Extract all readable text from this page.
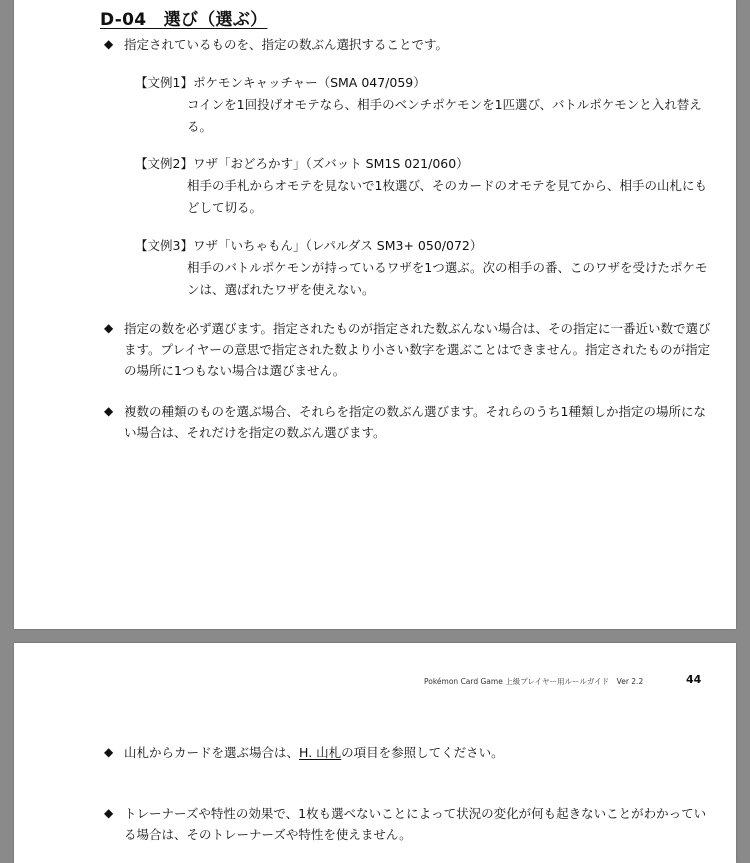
D-04　選び（選ぶ）
◆ 指定されているものを、指定の数ぶん選択することです。
【文例1】ポケモンキャッチャー（SMA 047/059）
コインを1回投げオモテなら、相手のベンチポケモンを1匹選び、バトルポケモンと入れ替える。
【文例2】ワザ「おどろかす」（ズバット SM1S 021/060）
相手の手札からオモテを見ないで1枚選び、そのカードのオモテを見てから、相手の山札にもどして切る。
【文例3】ワザ「いちゃもん」（レパルダス SM3+ 050/072）
相手のバトルポケモンが持っているワザを1つ選ぶ。次の相手の番、このワザを受けたポケモンは、選ばれたワザを使えない。
◆ 指定の数を必ず選びます。指定されたものが指定された数ぶんない場合は、その指定に一番近い数で選びます。プレイヤーの意思で指定された数より小さい数字を選ぶことはできません。指定されたものが指定の場所に1つもない場合は選びません。
◆ 複数の種類のものを選ぶ場合、それらを指定の数ぶん選びます。それらのうち1種類しか指定の場所にない場合は、それだけを指定の数ぶん選びます。
Pokémon Card Game 上級プレイヤー用ルールガイド　Ver 2.2	44
◆ 山札からカードを選ぶ場合は、H. 山札の項目を参照してください。
◆ トレーナーズや特性の効果で、1枚も選べないことによって状況の変化が何も起きないことがわかっている場合は、そのトレーナーズや特性を使えません。
